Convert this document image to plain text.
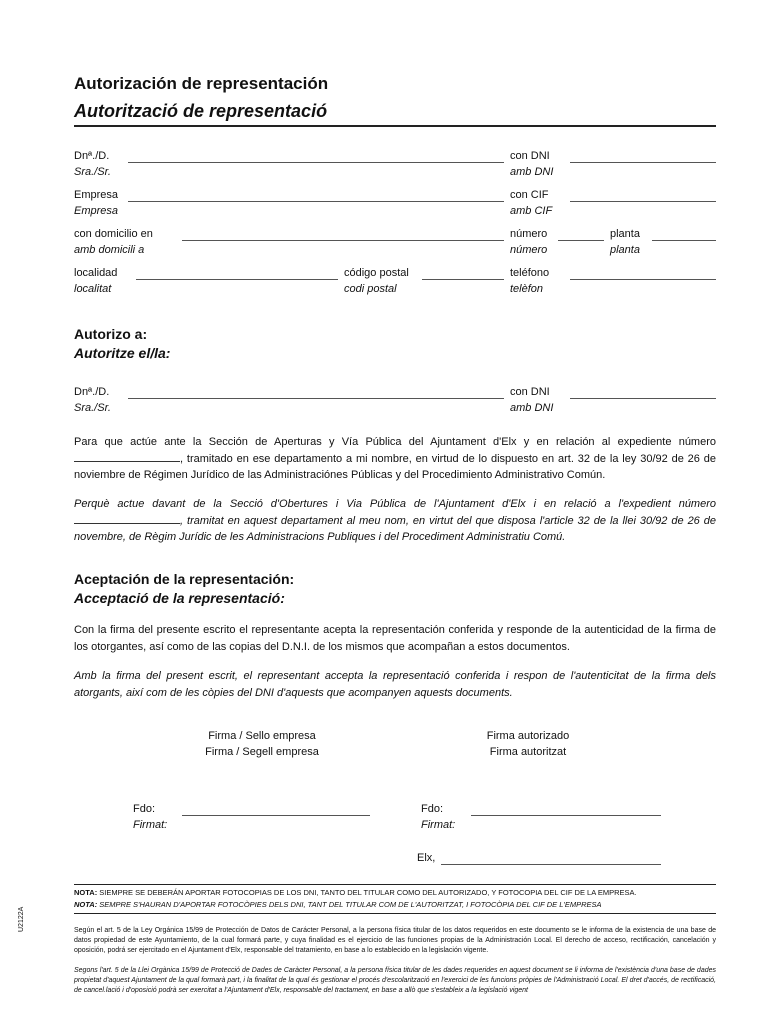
Autorización de representación
Autorització de representació
Dnª./D.
Sra./Sr.
con DNI
amb DNI
Empresa
Empresa
con CIF
amb CIF
con domicilio en
amb domicili a
número
número
planta
planta
localidad
localitat
código postal
codi postal
teléfono
telèfon
Autorizo a:
Autoritze el/la:
Dnª./D.
Sra./Sr.
con DNI
amb DNI
Para que actúe ante la Sección de Aperturas y Vía Pública del Ajuntament d'Elx y en relación al expediente número , tramitado en ese departamento a mi nombre, en virtud de lo dispuesto en art. 32 de la ley 30/92 de 26 de noviembre de Régimen Jurídico de las Administraciónes Públicas y del Procedimiento Administrativo Común.
Perquè actue davant de la Secció d'Obertures i Via Pública de l'Ajuntament d'Elx i en relació a l'expedient número , tramitat en aquest departament al meu nom, en virtut del que disposa l'article 32 de la llei 30/92 de 26 de novembre, de Règim Jurídic de les Administracions Publiques i del Procediment Administratiu Comú.
Aceptación de la representación:
Acceptació de la representació:
Con la firma del presente escrito el representante acepta la representación conferida y responde de la autenticidad de la firma de los otorgantes, así como de las copias del D.N.I. de los mismos que acompañan a estos documentos.
Amb la firma del present escrit, el representant accepta la representació conferida i respon de l'autenticitat de la firma dels atorgants, així com de les còpies del DNI d'aquests que acompanyen aquests documents.
Firma / Sello empresa
Firma / Segell empresa
Firma autorizado
Firma autoritzat
Fdo:
Firmat:
Fdo:
Firmat:
Elx,
NOTA: SIEMPRE SE DEBERÁN APORTAR FOTOCOPIAS DE LOS DNI, TANTO DEL TITULAR COMO DEL AUTORIZADO, Y FOTOCOPIA DEL CIF DE LA EMPRESA.
NOTA: SEMPRE S'HAURAN D'APORTAR FOTOCÒPIES DELS DNI, TANT DEL TITULAR COM DE L'AUTORITZAT, I FOTOCÒPIA DEL CIF DE L'EMPRESA
Según el art. 5 de la Ley Orgánica 15/99 de Protección de Datos de Carácter Personal, a la persona física titular de los datos requeridos en este documento se le informa de la existencia de una base de datos propiedad de este Ayuntamiento, de la cual formará parte, y cuya finalidad es el ejercicio de las funciones propias de la Administración Local. El derecho de acceso, rectificación, cancelación y oposición, podrá ser ejercitado en el Ajuntament d'Elx, responsable del tratamiento, en base a lo establecido en la legislación vigente.
Segons l'art. 5 de la Llei Orgànica 15/99 de Protecció de Dades de Caràcter Personal, a la persona física titular de les dades requerides en aquest document se li informa de l'existència d'una base de dades propietat d'aquest Ajuntament de la qual formarà part, i la finalitat de la qual és gestionar el procés d'escolarització en l'exercici de les funcions pròpies de l'Administració Local. El dret d'accés, de rectificació, de cancel.lació i d'oposició podrà ser exercitat a l'Ajuntament d'Elx, responsable del tractament, en base a allò que s'estableix a la legislació vigent
U2122A
